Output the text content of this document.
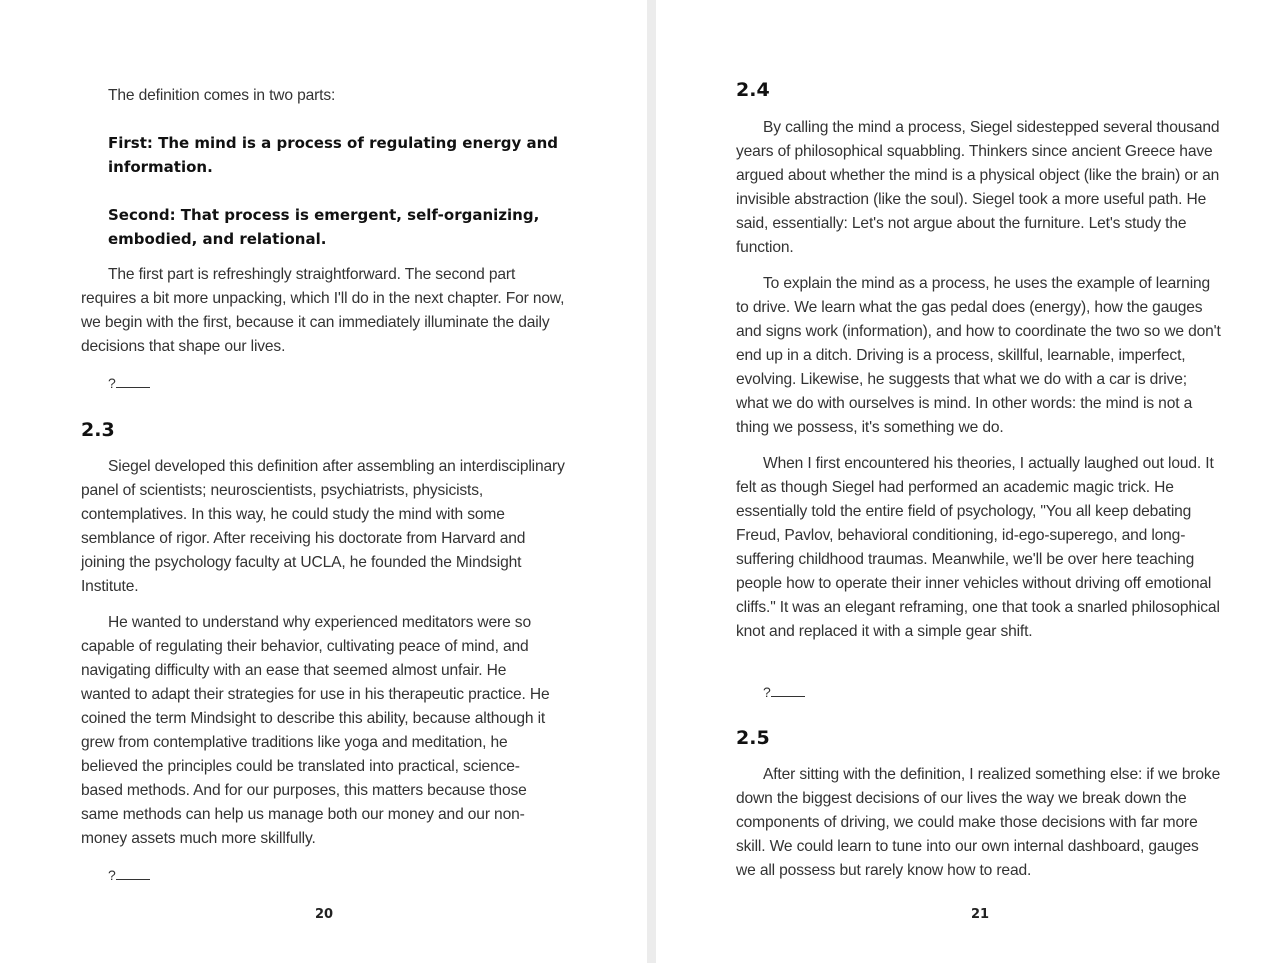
The definition comes in two parts:

First: The mind is a process of regulating energy and information.

Second: That process is emergent, self-organizing, embodied, and relational.

The first part is refreshingly straightforward. The second part requires a bit more unpacking, which I'll do in the next chapter. For now, we begin with the first, because it can immediately illuminate the daily decisions that shape our lives.

?

2.3

Siegel developed this definition after assembling an interdisciplinary panel of scientists; neuroscientists, psychiatrists, physicists, contemplatives. In this way, he could study the mind with some semblance of rigor. After receiving his doctorate from Harvard and joining the psychology faculty at UCLA, he founded the Mindsight Institute.

He wanted to understand why experienced meditators were so capable of regulating their behavior, cultivating peace of mind, and navigating difficulty with an ease that seemed almost unfair. He wanted to adapt their strategies for use in his therapeutic practice. He coined the term Mindsight to describe this ability, because although it grew from contemplative traditions like yoga and meditation, he believed the principles could be translated into practical, science-based methods. And for our purposes, this matters because those same methods can help us manage both our money and our non-money assets much more skillfully.

?

20

2.4

By calling the mind a process, Siegel sidestepped several thousand years of philosophical squabbling. Thinkers since ancient Greece have argued about whether the mind is a physical object (like the brain) or an invisible abstraction (like the soul). Siegel took a more useful path. He said, essentially: Let's not argue about the furniture. Let's study the function.

To explain the mind as a process, he uses the example of learning to drive. We learn what the gas pedal does (energy), how the gauges and signs work (information), and how to coordinate the two so we don't end up in a ditch. Driving is a process, skillful, learnable, imperfect, evolving. Likewise, he suggests that what we do with a car is drive; what we do with ourselves is mind. In other words: the mind is not a thing we possess, it's something we do.

When I first encountered his theories, I actually laughed out loud. It felt as though Siegel had performed an academic magic trick. He essentially told the entire field of psychology, "You all keep debating Freud, Pavlov, behavioral conditioning, id-ego-superego, and long-suffering childhood traumas. Meanwhile, we'll be over here teaching people how to operate their inner vehicles without driving off emotional cliffs." It was an elegant reframing, one that took a snarled philosophical knot and replaced it with a simple gear shift.

?

2.5

After sitting with the definition, I realized something else: if we broke down the biggest decisions of our lives the way we break down the components of driving, we could make those decisions with far more skill. We could learn to tune into our own internal dashboard, gauges we all possess but rarely know how to read.

21
